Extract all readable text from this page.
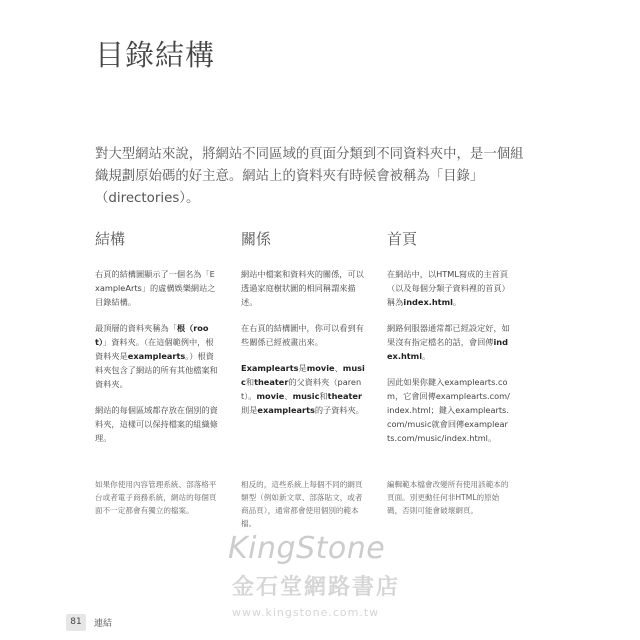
目錄結構
對大型網站來說，將網站不同區域的頁面分類到不同資料夾中，是一個組織規劃原始碼的好主意。網站上的資料夾有時候會被稱為「目錄」（directories）。
結構

右頁的結構圖顯示了一個名為「ExampleArts」的虛構娛樂網站之目錄結構。

最頂層的資料夾稱為「根（root）」資料夾。（在這個範例中，根資料夾是examplearts。）根資料夾包含了網站的所有其他檔案和資料夾。

網站的每個區域都存放在個別的資料夾，這樣可以保持檔案的組織條理。

關係

網站中檔案和資料夾的關係，可以透過家庭樹狀圖的相同稱謂來描述。

在右頁的結構圖中，你可以看到有些關係已經被畫出來。

Examplearts是movie、music和theater的父資料夾（parent）。movie、music和theater則是examplearts的子資料夾。

首頁

在網站中，以HTML寫成的主首頁（以及每個分類子資料裡的首頁）稱為index.html。

網路伺服器通常都已經設定好，如果沒有指定檔名的話，會回傳index.html。

因此如果你鍵入examplearts.com，它會回傳examplearts.com/index.html；鍵入examplearts.com/music就會回傳examplearts.com/music/index.html。

如果你使用內容管理系統、部落格平台或者電子商務系統，網站的每個頁面不一定都會有獨立的檔案。
相反的，這些系統上每個不同的網頁類型（例如新文章、部落貼文，或者商品頁），通常都會使用個別的範本檔。
編輯範本檔會改變所有使用該範本的頁面。別更動任何非HTML的原始碼，否則可能會破壞網頁。
KingStone
金石堂網路書店
www.kingstone.com.tw
81	連結
